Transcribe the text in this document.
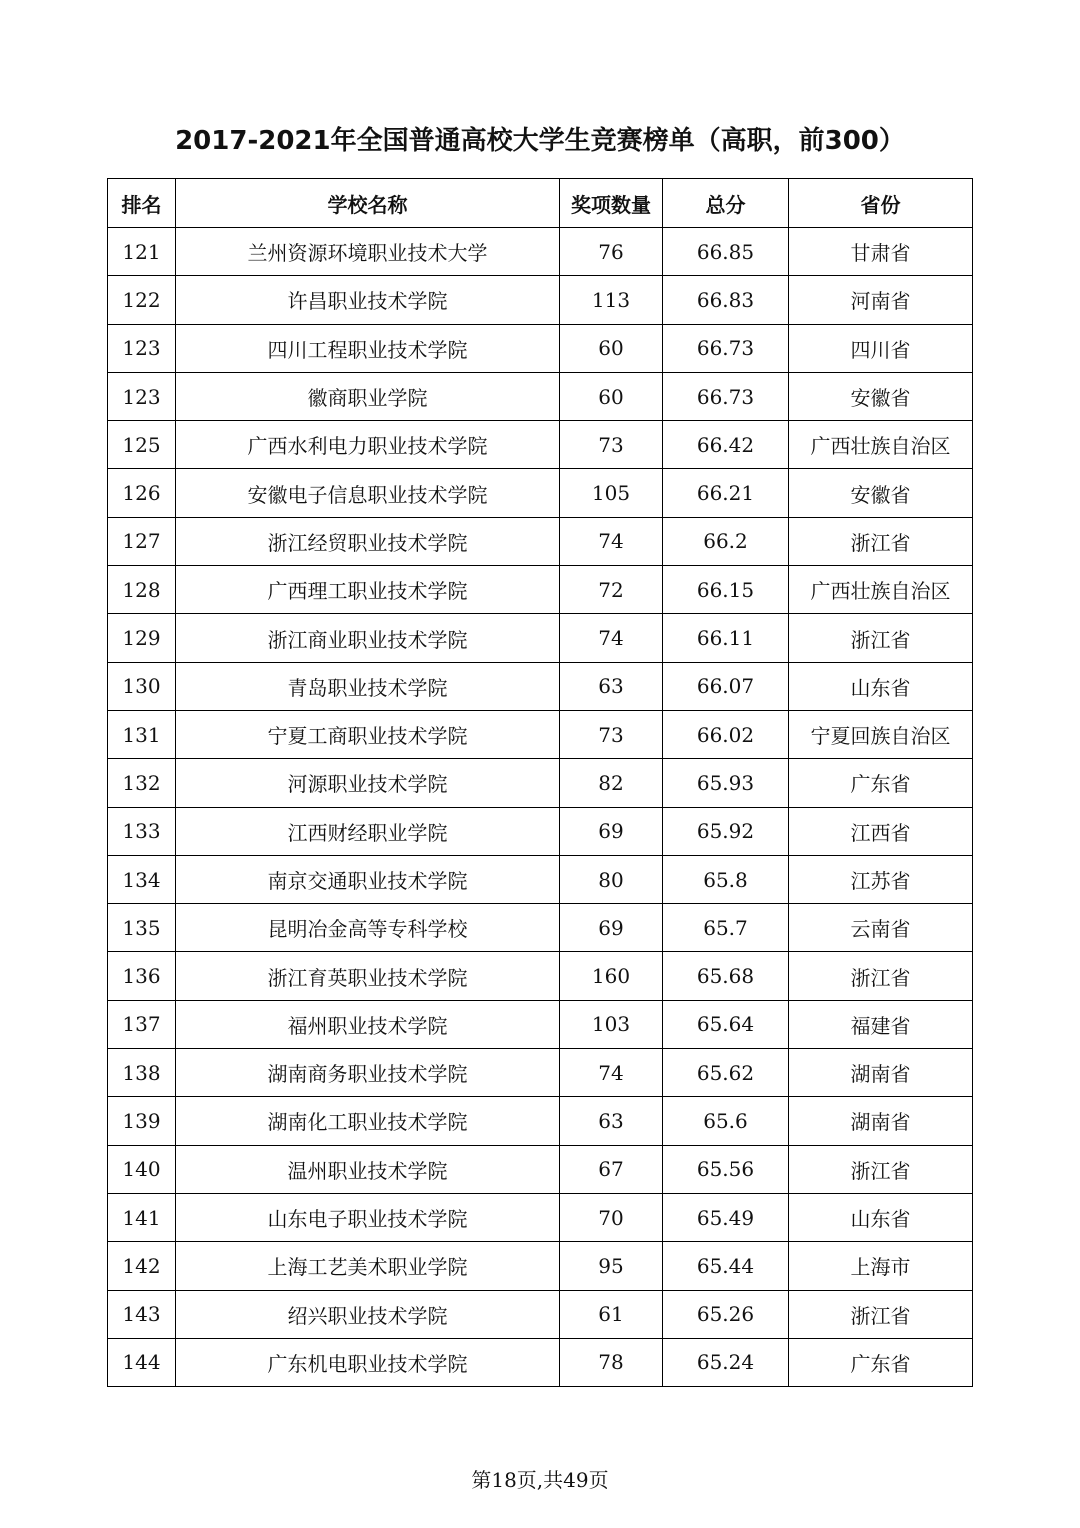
2017-2021年全国普通高校大学生竞赛榜单（高职，前300）
排名	学校名称	奖项数量	总分	省份
121	兰州资源环境职业技术大学	76	66.85	甘肃省
122	许昌职业技术学院	113	66.83	河南省
123	四川工程职业技术学院	60	66.73	四川省
123	徽商职业学院	60	66.73	安徽省
125	广西水利电力职业技术学院	73	66.42	广西壮族自治区
126	安徽电子信息职业技术学院	105	66.21	安徽省
127	浙江经贸职业技术学院	74	66.2	浙江省
128	广西理工职业技术学院	72	66.15	广西壮族自治区
129	浙江商业职业技术学院	74	66.11	浙江省
130	青岛职业技术学院	63	66.07	山东省
131	宁夏工商职业技术学院	73	66.02	宁夏回族自治区
132	河源职业技术学院	82	65.93	广东省
133	江西财经职业学院	69	65.92	江西省
134	南京交通职业技术学院	80	65.8	江苏省
135	昆明冶金高等专科学校	69	65.7	云南省
136	浙江育英职业技术学院	160	65.68	浙江省
137	福州职业技术学院	103	65.64	福建省
138	湖南商务职业技术学院	74	65.62	湖南省
139	湖南化工职业技术学院	63	65.6	湖南省
140	温州职业技术学院	67	65.56	浙江省
141	山东电子职业技术学院	70	65.49	山东省
142	上海工艺美术职业学院	95	65.44	上海市
143	绍兴职业技术学院	61	65.26	浙江省
144	广东机电职业技术学院	78	65.24	广东省
第18页,共49页
